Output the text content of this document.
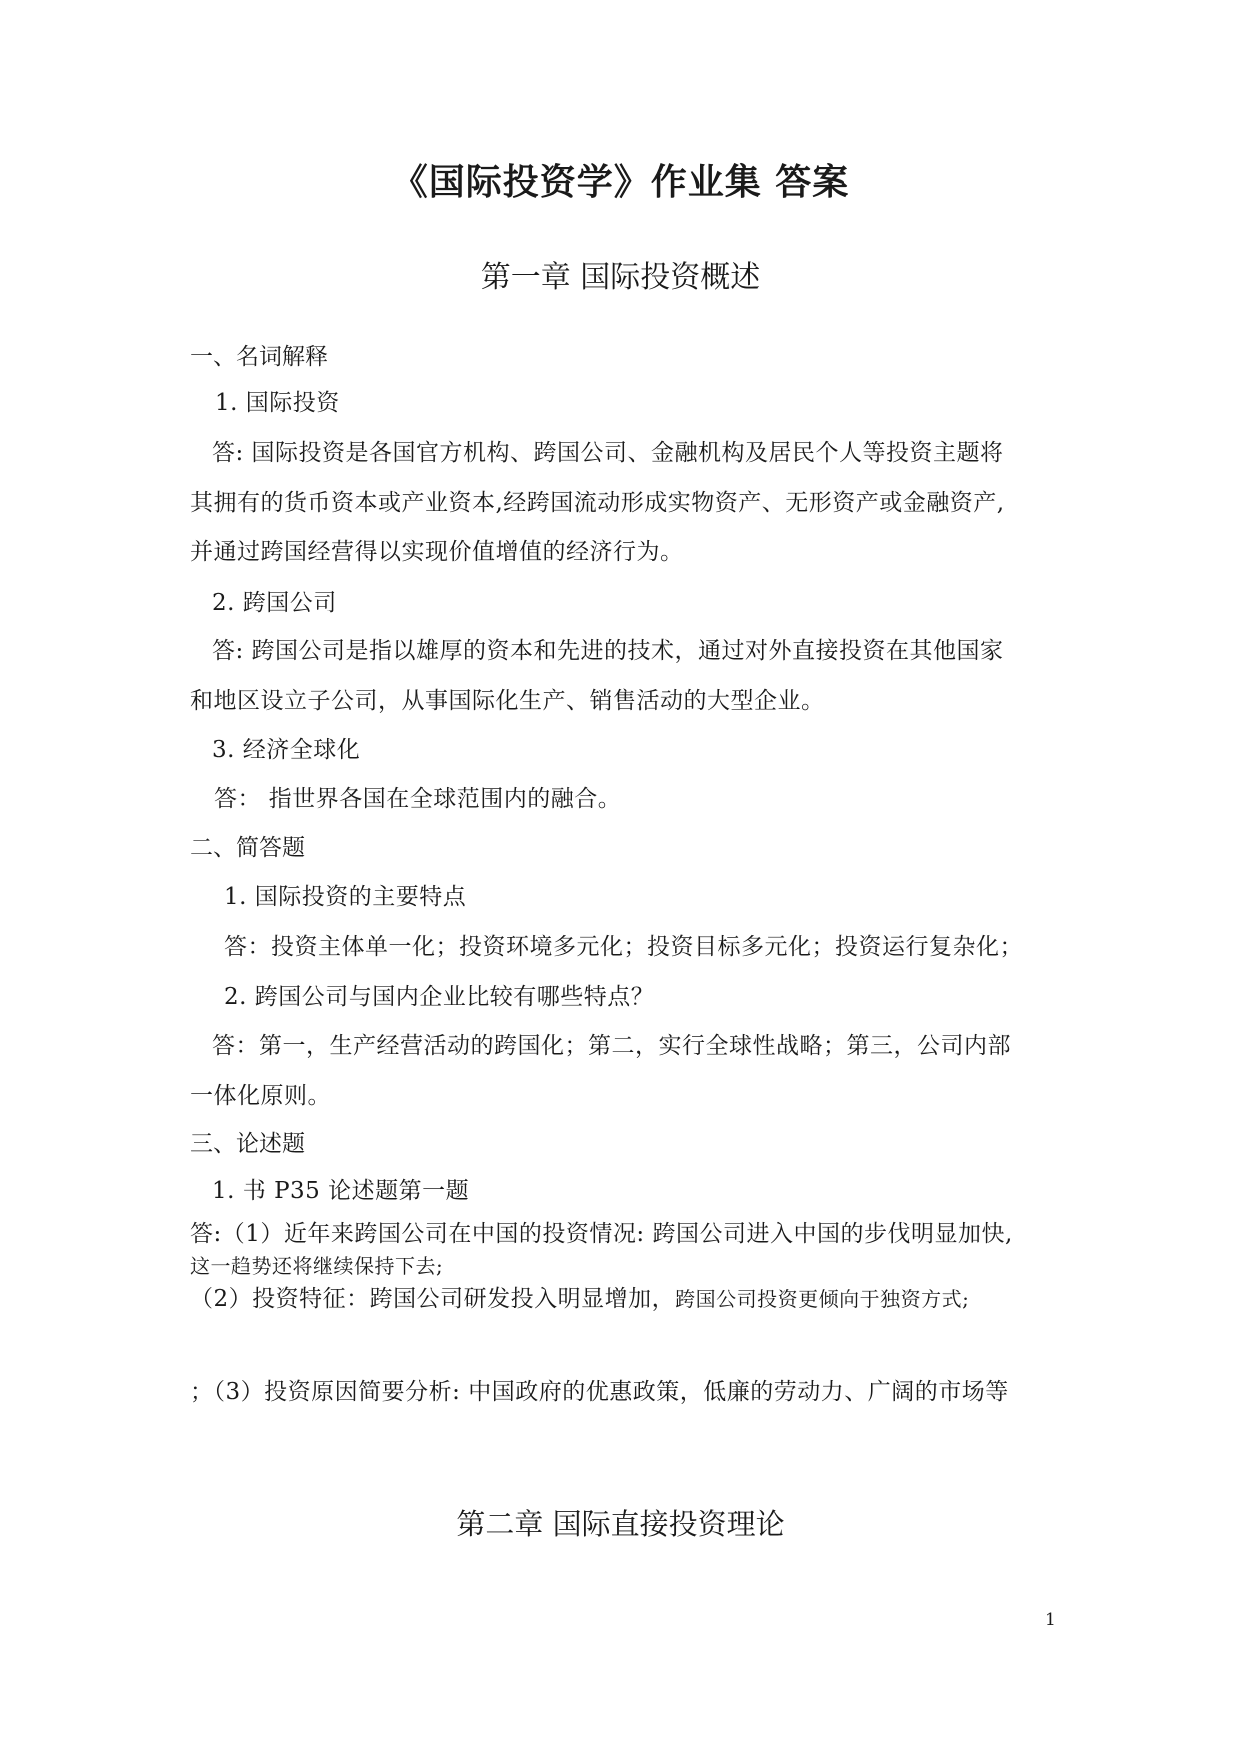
《国际投资学》作业集 答案
第一章 国际投资概述
一、名词解释
1. 国际投资
答: 国际投资是各国官方机构、跨国公司、金融机构及居民个人等投资主题将
其拥有的货币资本或产业资本,经跨国流动形成实物资产、无形资产或金融资产,
并通过跨国经营得以实现价值增值的经济行为。
2. 跨国公司
答: 跨国公司是指以雄厚的资本和先进的技术，通过对外直接投资在其他国家
和地区设立子公司，从事国际化生产、销售活动的大型企业。
3. 经济全球化
答： 指世界各国在全球范围内的融合。
二、简答题
1. 国际投资的主要特点
答：投资主体单一化；投资环境多元化；投资目标多元化；投资运行复杂化；
2. 跨国公司与国内企业比较有哪些特点？
答：第一，生产经营活动的跨国化；第二，实行全球性战略；第三，公司内部
一体化原则。
三、论述题
1. 书 P35 论述题第一题
答:（1）近年来跨国公司在中国的投资情况: 跨国公司进入中国的步伐明显加快,
这一趋势还将继续保持下去;
（2）投资特征：跨国公司研发投入明显增加，跨国公司投资更倾向于独资方式;
；（3）投资原因简要分析: 中国政府的优惠政策，低廉的劳动力、广阔的市场等
第二章 国际直接投资理论
1
